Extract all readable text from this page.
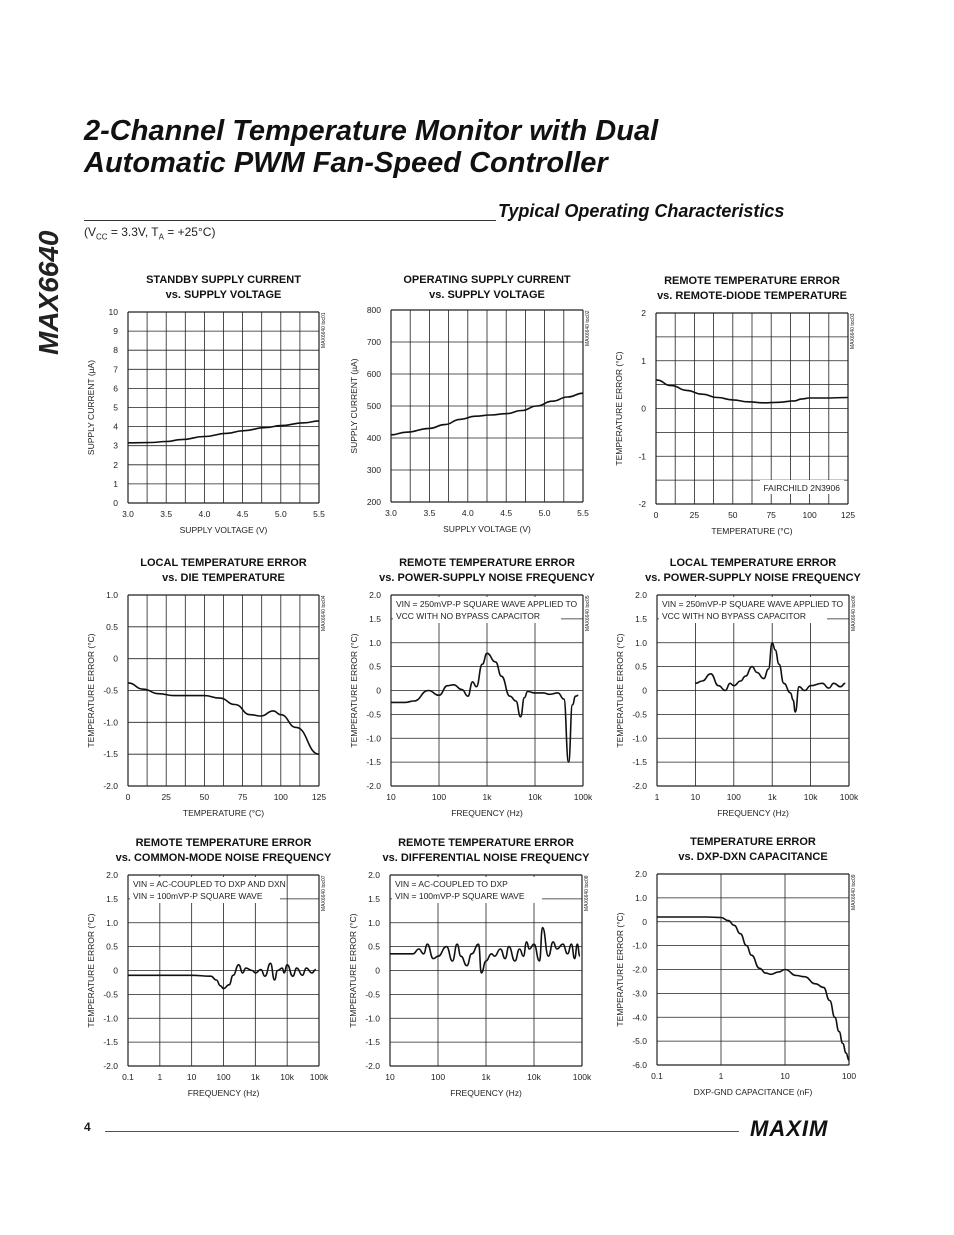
MAX6640
2-Channel Temperature Monitor with Dual
Automatic PWM Fan-Speed Controller
Typical Operating Characteristics
($V_{CC} = 3.3V$, $T_A = +25^\circ C$)
STANDBY SUPPLY CURRENT
vs. SUPPLY VOLTAGE
OPERATING SUPPLY CURRENT
vs. SUPPLY VOLTAGE
REMOTE TEMPERATURE ERROR
vs. REMOTE-DIODE TEMPERATURE
LOCAL TEMPERATURE ERROR
vs. DIE TEMPERATURE
REMOTE TEMPERATURE ERROR
vs. POWER-SUPPLY NOISE FREQUENCY
LOCAL TEMPERATURE ERROR
vs. POWER-SUPPLY NOISE FREQUENCY
REMOTE TEMPERATURE ERROR
vs. COMMON-MODE NOISE FREQUENCY
REMOTE TEMPERATURE ERROR
vs. DIFFERENTIAL NOISE FREQUENCY
TEMPERATURE ERROR
vs. DXP-DXN CAPACITANCE
0
1
2
3
4
5
6
7
8
9
10
3.0	3.5	4.0	4.5	5.0	5.5
SUPPLY VOLTAGE (V)
SUPPLY CURRENT (µA)
MAX6640 toc01
200
300
400
500
600
700
800
3.0	3.5	4.0	4.5	5.0	5.5
SUPPLY VOLTAGE (V)
SUPPLY CURRENT (µA)
MAX6640 toc02
-2
-1
0
1
2
0	25	50	75	100	125
TEMPERATURE (°C)
TEMPERATURE ERROR (°C)
MAX6640 toc03
FAIRCHILD 2N3906
-2.0
-1.5
-1.0
-0.5
0
0.5
1.0
0	25	50	75	100	125
TEMPERATURE (°C)
TEMPERATURE ERROR (°C)
MAX6640 toc04
-2.0
-1.5
-1.0
-0.5
0
0.5
1.0
1.5
2.0
10	100	1k	10k	100k
FREQUENCY (Hz)
TEMPERATURE ERROR (°C)
MAX6640 toc05
VIN = 250mVP-P SQUARE WAVE APPLIED TO
VCC WITH NO BYPASS CAPACITOR
-2.0
-1.5
-1.0
-0.5
0
0.5
1.0
1.5
2.0
1	10	100	1k	10k	100k
FREQUENCY (Hz)
TEMPERATURE ERROR (°C)
MAX6640 toc06
VIN = 250mVP-P SQUARE WAVE APPLIED TO
VCC WITH NO BYPASS CAPACITOR
-2.0
-1.5
-1.0
-0.5
0
0.5
1.0
1.5
2.0
0.1	1	10 100 1k 10k 100k
FREQUENCY (Hz)
TEMPERATURE ERROR (°C)
MAX6640 toc07
VIN = AC-COUPLED TO DXP AND DXN
VIN = 100mVP-P SQUARE WAVE
-2.0
-1.5
-1.0
-0.5
0
0.5
1.0
1.5
2.0
10	100	1k	10k	100k
FREQUENCY (Hz)
TEMPERATURE ERROR (°C)
MAX6640 toc08
VIN = AC-COUPLED TO DXP
VIN = 100mVP-P SQUARE WAVE
-6.0
-5.0
-4.0
-3.0
-2.0
-1.0
0
1.0
2.0
0.1	1	10	100
DXP-GND CAPACITANCE (nF)
TEMPERATURE ERROR (°C)
MAX6640 toc09
4	MAXIM
